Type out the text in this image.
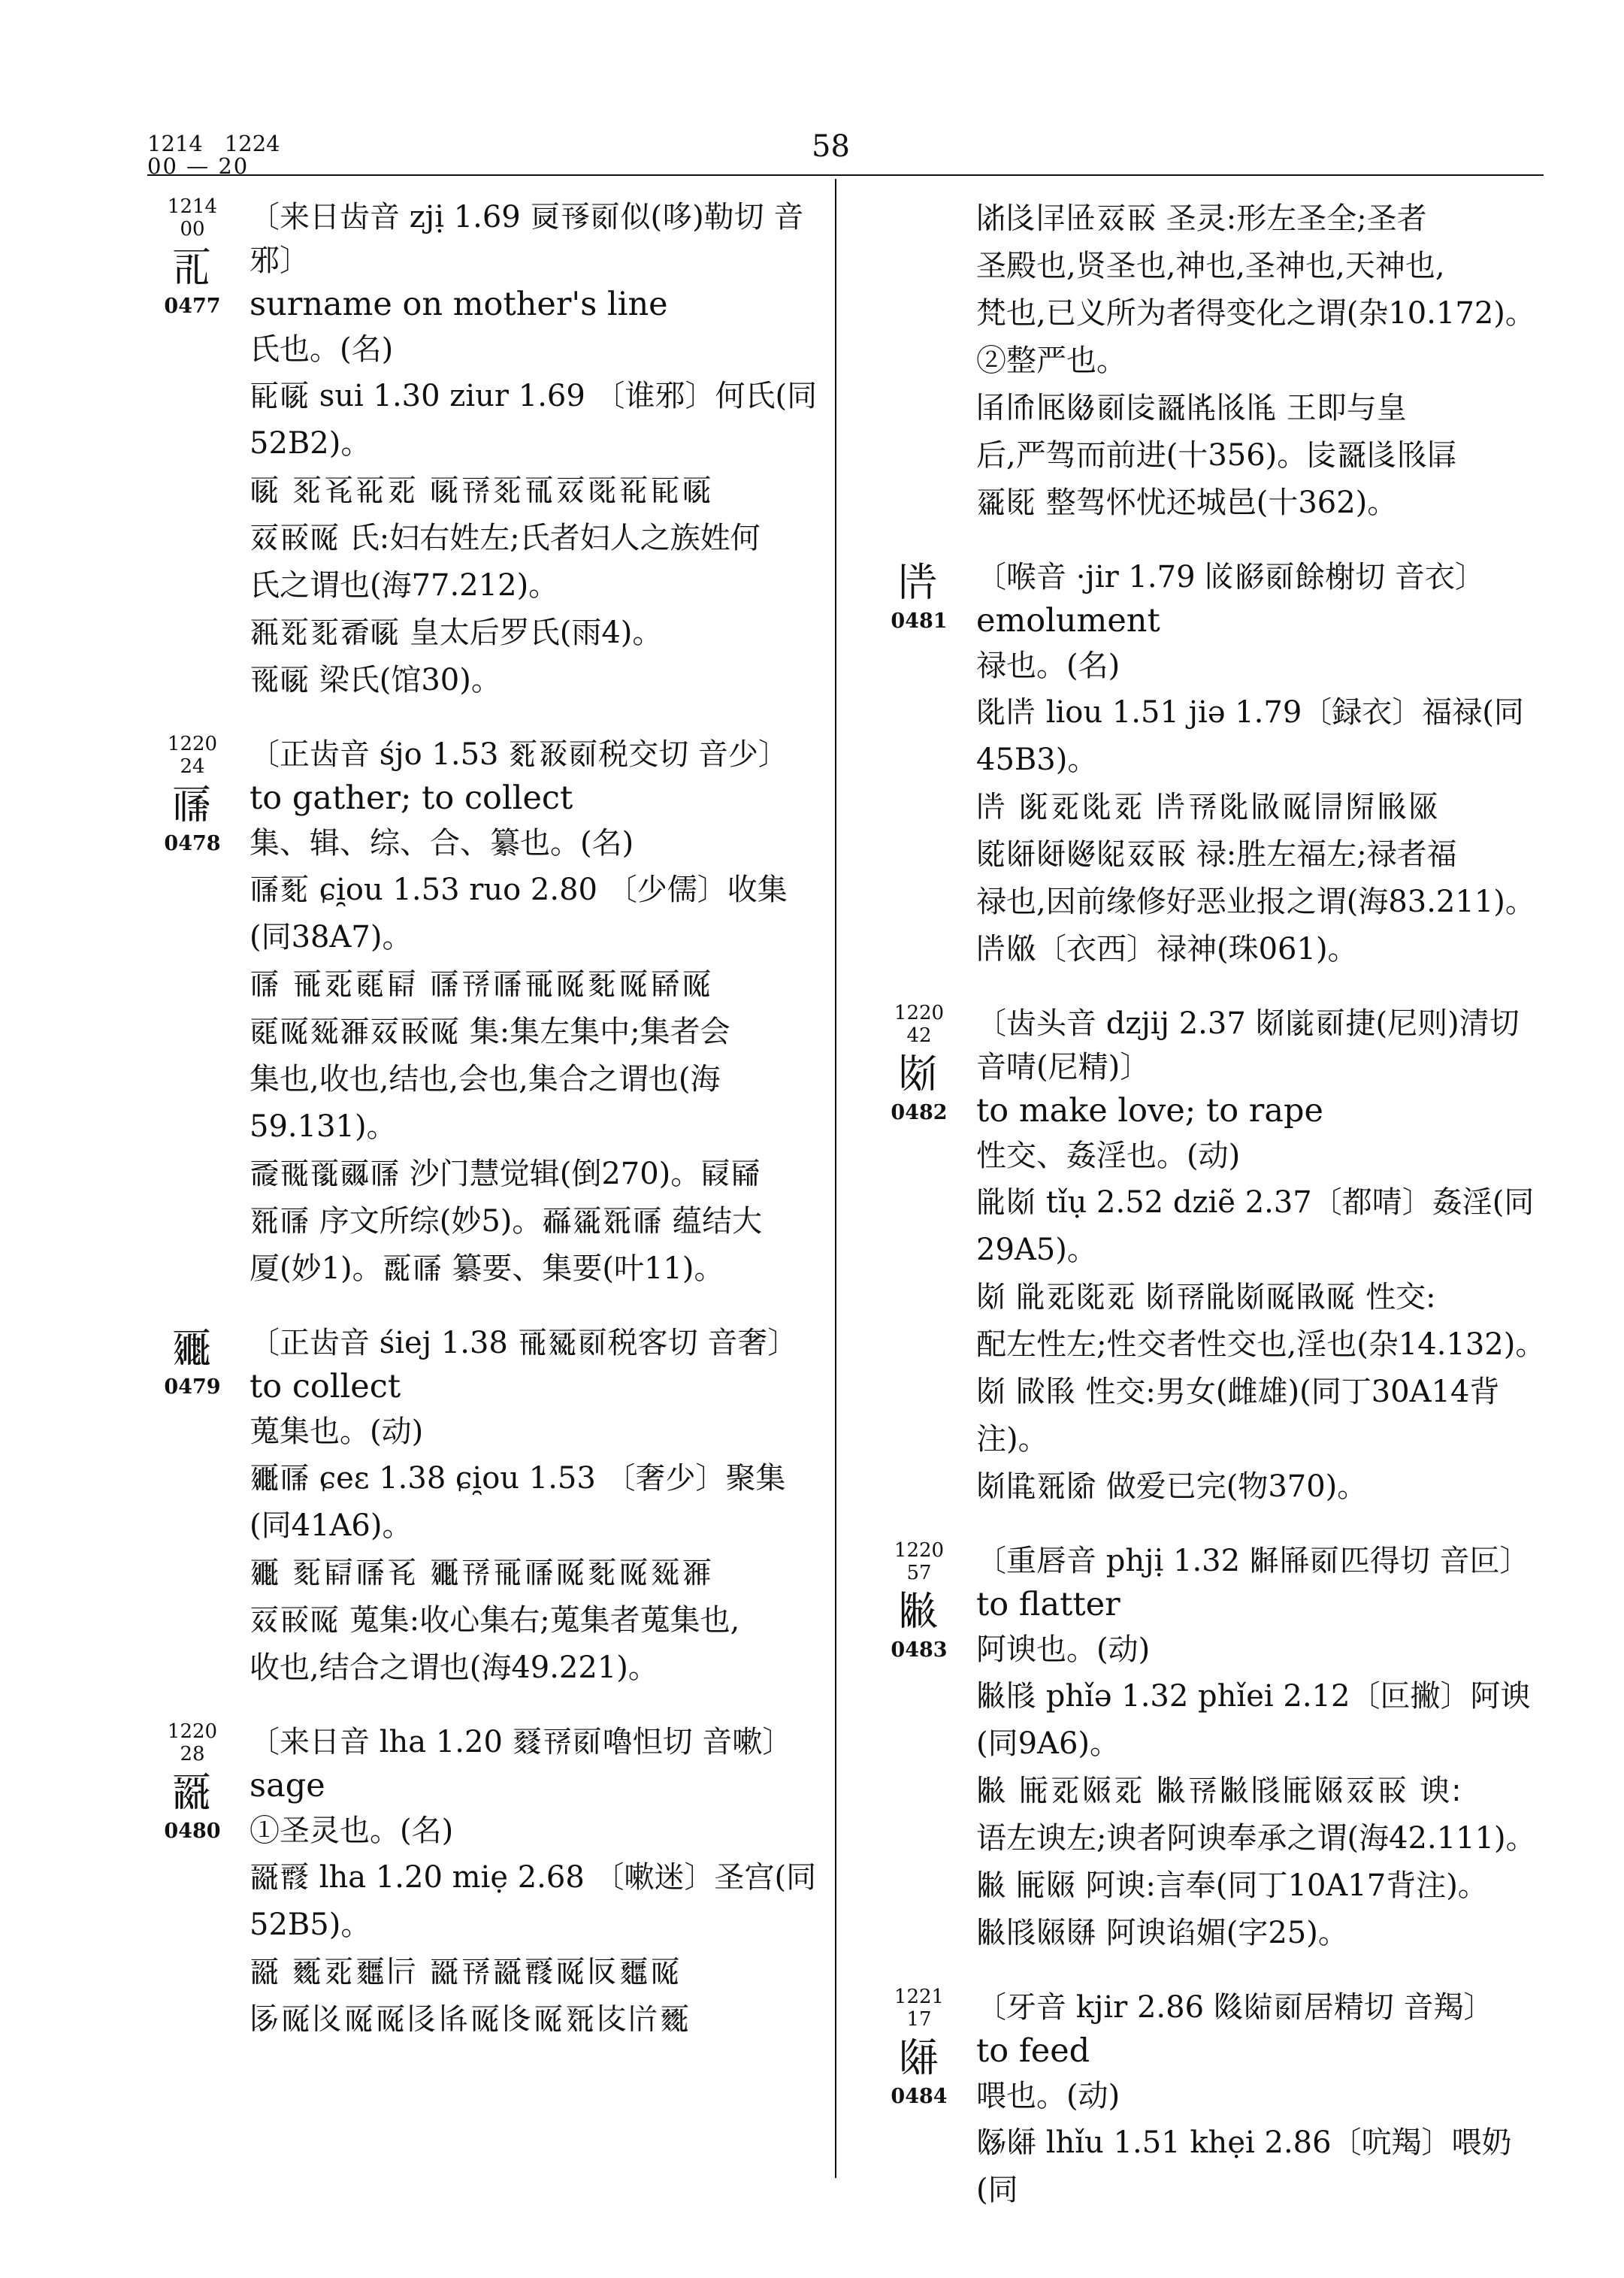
1214　1224
00 — 20
58
1214
00
𗀀
0477

〔来日齿音 zjị 1.69 𗀁𗀂𗀃似(哆)勒切 音邪〕

surname on mother's line

氏也。(名)

𗀄𗀅 sui 1.30 ziur 1.69 〔谁邪〕何氏(同52B2)。

𗀅 𗀆𗀇𗀈𗀉 𗀅𗀊𗀆𗀋𗀌𗀍𗀈𗀄𗀅

𗀌𗀎𗀏 氏:妇右姓左;氏者妇人之族姓何

氏之谓也(海77.212)。

𗀐𗀑𗀒𗀓𗀅 皇太后罗氏(雨4)。

𗀔𗀅 梁氏(馆30)。

1220
24
𗀕
0478

〔正齿音 śjo 1.53 𗀖𗀗𗀃税交切 音少〕

to gather; to collect

集、辑、综、合、纂也。(名)

𗀕𗀘 ɕi̯ou 1.53 ruo 2.80 〔少儒〕收集(同38A7)。

𗀕 𗀙𗀉𗀚𗀛 𗀕𗀊𗀕𗀙𗀏𗀘𗀏𗀜𗀏

𗀚𗀏𗀝𗀞𗀌𗀎𗀏 集:集左集中;集者会

集也,收也,结也,会也,集合之谓也(海59.131)。

𗀟𗀠𗀡𗀢𗀕 沙门慧觉辑(倒270)。𗀣𗀤

𗀥𗀕 序文所综(妙5)。𗀦𗀧𗀥𗀕 蕴结大

厦(妙1)。𗀨𗀕 纂要、集要(叶11)。

𗀩
0479

〔正齿音 śiej 1.38 𗀙𗀪𗀃税客切 音奢〕

to collect

蒐集也。(动)

𗀩𗀕 ɕeɛ 1.38 ɕi̯ou 1.53 〔奢少〕聚集(同41A6)。

𗀩 𗀘𗀛𗀕𗀇 𗀩𗀊𗀙𗀕𗀏𗀘𗀏𗀝𗀞

𗀌𗀎𗀏 蒐集:收心集右;蒐集者蒐集也,

收也,结合之谓也(海49.221)。

1220
28
𗀫
0480

〔来日音 lha 1.20 𗀬𗀊𗀃嚕怛切 音嗽〕

sage

①圣灵也。(名)

𗀫𗀭 lha 1.20 miẹ 2.68 〔嗽迷〕圣宫(同52B5)。

𗀫 𗀮𗀉𗀯𗀰 𗀫𗀊𗀫𗀭𗀏𗀱𗀯𗀏

𗀲𗀏𗀳𗀏𗀏𗀴𗀵𗀏𗀶𗀏𗀥𗀷𗀸𗀮

𗀹𗀺𗀻𗀼𗀌𗀎 圣灵:形左圣全;圣者

圣殿也,贤圣也,神也,圣神也,天神也,

梵也,已义所为者得变化之谓(杂10.172)。

②整严也。

𗀽𗀾𗀿𗁀𗀃𗁁𗀫𗁂𗁃𗁄 王即与皇

后,严驾而前进(十356)。𗁁𗀫𗁅𗁆𗁇

𗀧𗁈 整驾怀忧还城邑(十362)。

𗁉
0481

〔喉音 ·jir 1.79 𗁊𗁋𗀃餘榭切 音衣〕

emolument

禄也。(名)

𗁌𗁉 liou 1.51 jiə 1.79〔録衣〕福禄(同45B3)。

𗁉 𗁍𗀉𗁌𗀉 𗁉𗀊𗁌𗁎𗀏𗁏𗁐𗁑𗁒

𗁓𗁔𗁕𗁖𗁗𗀌𗀎 禄:胜左福左;禄者福

禄也,因前缘修好恶业报之谓(海83.211)。

𗁉𗁘〔衣西〕禄神(珠061)。

1220
42
𗁙
0482

〔齿头音 dzjij 2.37 𗁚𗁛𗀃捷(尼则)清切 音啨(尼精)〕

to make love; to rape

性交、姦淫也。(动)

𗁜𗁙 tǐụ 2.52 dziẽ 2.37〔都啨〕姦淫(同29A5)。

𗁙 𗁜𗀉𗁝𗀉 𗁙𗀊𗁜𗁙𗀏𗁞𗀏 性交:

配左性左;性交者性交也,淫也(杂14.132)。

𗁙 𗁟𗁠 性交:男女(雌雄)(同丁30A14背注)。

𗁙𗁡𗀥𗁢 做爱已完(物370)。

1220
57
𗁣
0483

〔重唇音 phjị 1.32 𗁤𗁥𗀃匹得切 音叵〕

to flatter

阿谀也。(动)

𗁣𗁦 phǐə 1.32 phǐei 2.12〔叵撇〕阿谀(同9A6)。

𗁣 𗁧𗀉𗁨𗀉 𗁣𗀊𗁣𗁦𗁧𗁨𗀌𗀎 谀:

语左谀左;谀者阿谀奉承之谓(海42.111)。

𗁣 𗁧𗁨 阿谀:言奉(同丁10A17背注)。

𗁣𗁦𗁨𗁩 阿谀谄媚(字25)。

1221
17
𗁪
0484

〔牙音 kjir 2.86 𗁫𗁬𗀃居精切 音羯〕

to feed

喂也。(动)

𗁭𗁪 lhǐu 1.51 khẹi 2.86〔吭羯〕喂奶(同
